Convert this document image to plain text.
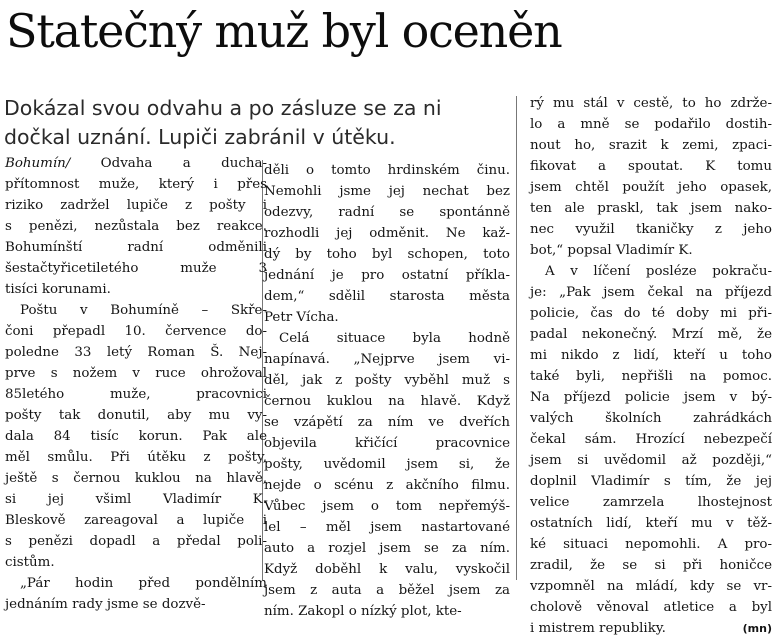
Statečný muž byl oceněn
Dokázal svou odvahu a po zásluze se za ni
dočkal uznání. Lupiči zabránil v útěku.
Bohumín/ Odvaha a ducha-
přítomnost muže, který i přes
riziko zadržel lupiče z pošty i
s penězi, nezůstala bez reakce.
Bohumínští radní odměnili
šestačtyřicetiletého muže 3
tisíci korunami.
Poštu v Bohumíně – Skře-
čoni přepadl 10. července do-
poledne 33 letý Roman Š. Nej-
prve s nožem v ruce ohrožoval
85letého muže, pracovnici
pošty tak donutil, aby mu vy-
dala 84 tisíc korun. Pak ale
měl smůlu. Při útěku z pošty,
ještě s černou kuklou na hlavě,
si jej všiml Vladimír K.
Bleskově zareagoval a lupiče i
s penězi dopadl a předal poli-
cistům.
„Pár hodin před pondělním
jednáním rady jsme se dozvě-
děli o tomto hrdinském činu.
Nemohli jsme jej nechat bez
odezvy, radní se spontánně
rozhodli jej odměnit. Ne kaž-
dý by toho byl schopen, toto
jednání je pro ostatní příkla-
dem,“ sdělil starosta města
Petr Vícha.
Celá situace byla hodně
napínavá. „Nejprve jsem vi-
děl, jak z pošty vyběhl muž s
černou kuklou na hlavě. Když
se vzápětí za ním ve dveřích
objevila křičící pracovnice
pošty, uvědomil jsem si, že
nejde o scénu z akčního filmu.
Vůbec jsem o tom nepřemýš-
lel – měl jsem nastartované
auto a rozjel jsem se za ním.
Když doběhl k valu, vyskočil
jsem z auta a běžel jsem za
ním. Zakopl o nízký plot, kte-
rý mu stál v cestě, to ho zdržе-
lo a mně se podařilo dostih-
nout ho, srazit k zemi, zpaci-
fikovat a spoutat. K tomu
jsem chtěl použít jeho opasek,
ten ale praskl, tak jsem nako-
nec využil tkaničky z jeho
bot,“ popsal Vladimír K.
A v líčení posléze pokraču-
je: „Pak jsem čekal na příjezd
policie, čas do té doby mi při-
padal nekonečný. Mrzí mě, že
mi nikdo z lidí, kteří u toho
také byli, nepřišli na pomoc.
Na příjezd policie jsem v bý-
valých školních zahrádkách
čekal sám. Hrozící nebezpečí
jsem si uvědomil až později,“
doplnil Vladimír s tím, že jej
velice zamrzela lhostejnost
ostatních lidí, kteří mu v těž-
ké situaci nepomohli. A pro-
zradil, že se si při honičce
vzpomněl na mládí, kdy se vr-
cholově věnoval atletice a byl
i mistrem republiky.	(mn)
